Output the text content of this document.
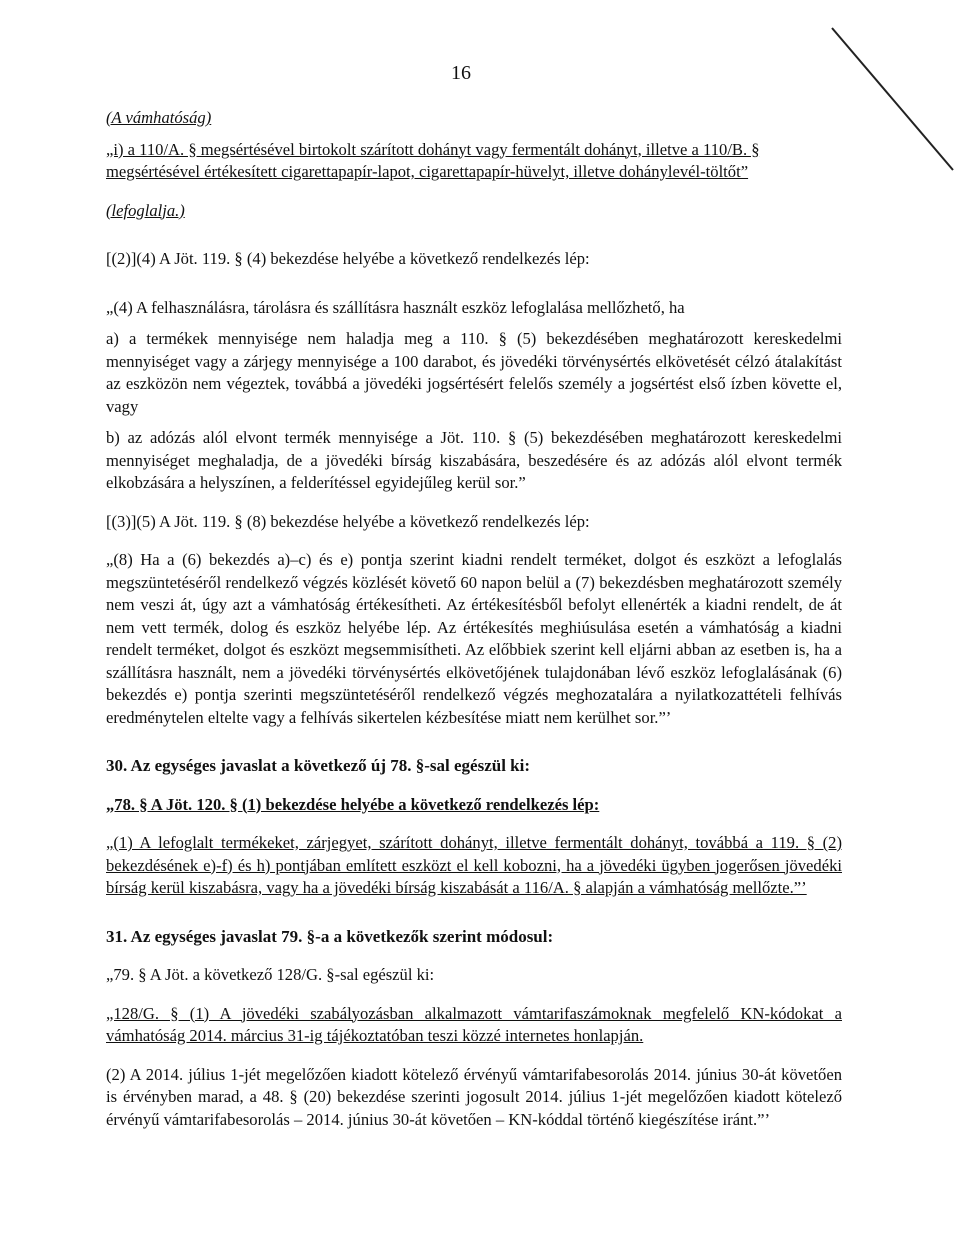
16

(A vámhatóság)

„i) a 110/A. § megsértésével birtokolt szárított dohányt vagy fermentált dohányt, illetve a 110/B. § megsértésével értékesített cigarettapapír-lapot, cigarettapapír-hüvelyt, illetve dohánylevél-töltőt”

(lefoglalja.)

[(2)](4) A Jöt. 119. § (4) bekezdése helyébe a következő rendelkezés lép:

„(4) A felhasználásra, tárolásra és szállításra használt eszköz lefoglalása mellőzhető, ha

a) a termékek mennyisége nem haladja meg a 110. § (5) bekezdésében meghatározott kereskedelmi mennyiséget vagy a zárjegy mennyisége a 100 darabot, és jövedéki törvénysértés elkövetését célzó átalakítást az eszközön nem végeztek, továbbá a jövedéki jogsértésért felelős személy a jogsértést első ízben követte el, vagy

b) az adózás alól elvont termék mennyisége a Jöt. 110. § (5) bekezdésében meghatározott kereskedelmi mennyiséget meghaladja, de a jövedéki bírság kiszabására, beszedésére és az adózás alól elvont termék elkobzására a helyszínen, a felderítéssel egyidejűleg kerül sor.”

[(3)](5) A Jöt. 119. § (8) bekezdése helyébe a következő rendelkezés lép:

„(8) Ha a (6) bekezdés a)–c) és e) pontja szerint kiadni rendelt terméket, dolgot és eszközt a lefoglalás megszüntetéséről rendelkező végzés közlését követő 60 napon belül a (7) bekezdésben meghatározott személy nem veszi át, úgy azt a vámhatóság értékesítheti. Az értékesítésből befolyt ellenérték a kiadni rendelt, de át nem vett termék, dolog és eszköz helyébe lép. Az értékesítés meghiúsulása esetén a vámhatóság a kiadni rendelt terméket, dolgot és eszközt megsemmisítheti. Az előbbiek szerint kell eljárni abban az esetben is, ha a szállításra használt, nem a jövedéki törvénysértés elkövetőjének tulajdonában lévő eszköz lefoglalásának (6) bekezdés e) pontja szerinti megszüntetéséről rendelkező végzés meghozatalára a nyilatkozattételi felhívás eredménytelen eltelte vagy a felhívás sikertelen kézbesítése miatt nem kerülhet sor.”’

30. Az egységes javaslat a következő új 78. §-sal egészül ki:

„78. § A Jöt. 120. § (1) bekezdése helyébe a következő rendelkezés lép:

„(1) A lefoglalt termékeket, zárjegyet, szárított dohányt, illetve fermentált dohányt, továbbá a 119. § (2) bekezdésének e)-f) és h) pontjában említett eszközt el kell kobozni, ha a jövedéki ügyben jogerősen jövedéki bírság kerül kiszabásra, vagy ha a jövedéki bírság kiszabását a 116/A. § alapján a vámhatóság mellőzte.”’

31. Az egységes javaslat 79. §-a a következők szerint módosul:

„79. § A Jöt. a következő 128/G. §-sal egészül ki:

„128/G. § (1) A jövedéki szabályozásban alkalmazott vámtarifaszámoknak megfelelő KN-kódokat a vámhatóság 2014. március 31-ig tájékoztatóban teszi közzé internetes honlapján.

(2) A 2014. július 1-jét megelőzően kiadott kötelező érvényű vámtarifabesorolás 2014. június 30-át követően is érvényben marad, a 48. § (20) bekezdése szerinti jogosult 2014. július 1-jét megelőzően kiadott kötelező érvényű vámtarifabesorolás – 2014. június 30-át követően – KN-kóddal történő kiegészítése iránt.”’
